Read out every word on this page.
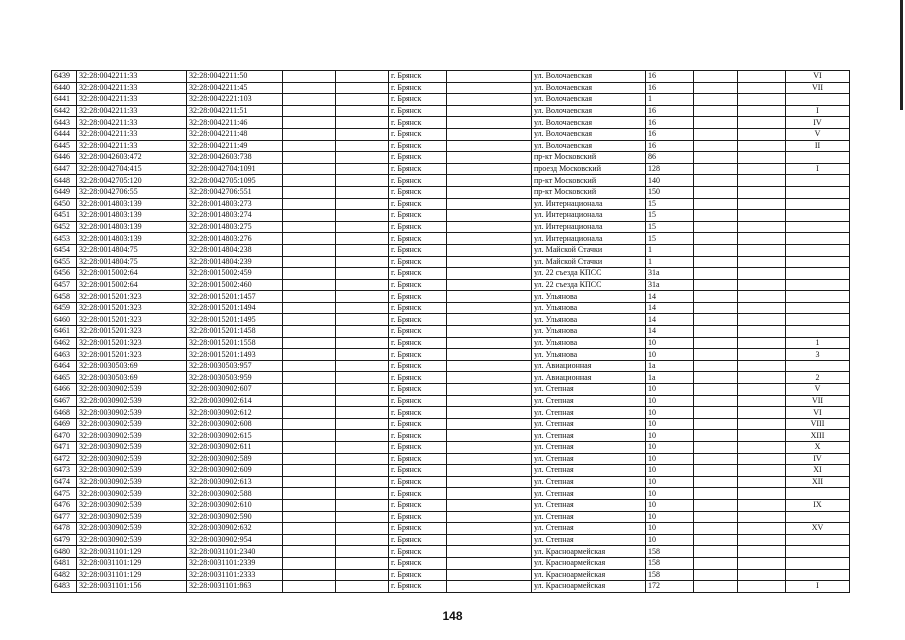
6439	32:28:0042211:33	32:28:0042211:50			г. Брянск		ул. Волочаевская	16			VI
6440	32:28:0042211:33	32:28:0042211:45			г. Брянск		ул. Волочаевская	16			VII
6441	32:28:0042211:33	32:28:0042221:103			г. Брянск		ул. Волочаевская	1			
6442	32:28:0042211:33	32:28:0042211:51			г. Брянск		ул. Волочаевская	16			I
6443	32:28:0042211:33	32:28:0042211:46			г. Брянск		ул. Волочаевская	16			IV
6444	32:28:0042211:33	32:28:0042211:48			г. Брянск		ул. Волочаевская	16			V
6445	32:28:0042211:33	32:28:0042211:49			г. Брянск		ул. Волочаевская	16			II
6446	32:28:0042603:472	32:28:0042603:738			г. Брянск		пр-кт Московский	86			
6447	32:28:0042704:415	32:28:0042704:1091			г. Брянск		проезд Московский	128			I
6448	32:28:0042705:120	32:28:0042705:1095			г. Брянск		пр-кт Московский	140			
6449	32:28:0042706:55	32:28:0042706:551			г. Брянск		пр-кт Московский	150			
6450	32:28:0014803:139	32:28:0014803:273			г. Брянск		ул. Интернационала	15			
6451	32:28:0014803:139	32:28:0014803:274			г. Брянск		ул. Интернационала	15			
6452	32:28:0014803:139	32:28:0014803:275			г. Брянск		ул. Интернационала	15			
6453	32:28:0014803:139	32:28:0014803:276			г. Брянск		ул. Интернационала	15			
6454	32:28:0014804:75	32:28:0014804:238			г. Брянск		ул. Майской Стачки	1			
6455	32:28:0014804:75	32:28:0014804:239			г. Брянск		ул. Майской Стачки	1			
6456	32:28:0015002:64	32:28:0015002:459			г. Брянск		ул. 22 съезда КПСС	31а			
6457	32:28:0015002:64	32:28:0015002:460			г. Брянск		ул. 22 съезда КПСС	31а			
6458	32:28:0015201:323	32:28:0015201:1457			г. Брянск		ул. Ульянова	14			
6459	32:28:0015201:323	32:28:0015201:1494			г. Брянск		ул. Ульянова	14			
6460	32:28:0015201:323	32:28:0015201:1495			г. Брянск		ул. Ульянова	14			
6461	32:28:0015201:323	32:28:0015201:1458			г. Брянск		ул. Ульянова	14			
6462	32:28:0015201:323	32:28:0015201:1558			г. Брянск		ул. Ульянова	10			1
6463	32:28:0015201:323	32:28:0015201:1493			г. Брянск		ул. Ульянова	10			3
6464	32:28:0030503:69	32:28:0030503:957			г. Брянск		ул. Авиационная	1а			
6465	32:28:0030503:69	32:28:0030503:959			г. Брянск		ул. Авиационная	1а			2
6466	32:28:0030902:539	32:28:0030902:607			г. Брянск		ул. Степная	10			V
6467	32:28:0030902:539	32:28:0030902:614			г. Брянск		ул. Степная	10			VII
6468	32:28:0030902:539	32:28:0030902:612			г. Брянск		ул. Степная	10			VI
6469	32:28:0030902:539	32:28:0030902:608			г. Брянск		ул. Степная	10			VIII
6470	32:28:0030902:539	32:28:0030902:615			г. Брянск		ул. Степная	10			XIII
6471	32:28:0030902:539	32:28:0030902:611			г. Брянск		ул. Степная	10			X
6472	32:28:0030902:539	32:28:0030902:589			г. Брянск		ул. Степная	10			IV
6473	32:28:0030902:539	32:28:0030902:609			г. Брянск		ул. Степная	10			XI
6474	32:28:0030902:539	32:28:0030902:613			г. Брянск		ул. Степная	10			XII
6475	32:28:0030902:539	32:28:0030902:588			г. Брянск		ул. Степная	10			
6476	32:28:0030902:539	32:28:0030902:610			г. Брянск		ул. Степная	10			IX
6477	32:28:0030902:539	32:28:0030902:590			г. Брянск		ул. Степная	10			
6478	32:28:0030902:539	32:28:0030902:632			г. Брянск		ул. Степная	10			XV
6479	32:28:0030902:539	32:28:0030902:954			г. Брянск		ул. Степная	10			
6480	32:28:0031101:129	32:28:0031101:2340			г. Брянск		ул. Красноармейская	158			
6481	32:28:0031101:129	32:28:0031101:2339			г. Брянск		ул. Красноармейская	158			
6482	32:28:0031101:129	32:28:0031101:2333			г. Брянск		ул. Красноармейская	158			
6483	32:28:0031101:156	32:28:0031101:863			г. Брянск		ул. Красноармейская	172			I
148
